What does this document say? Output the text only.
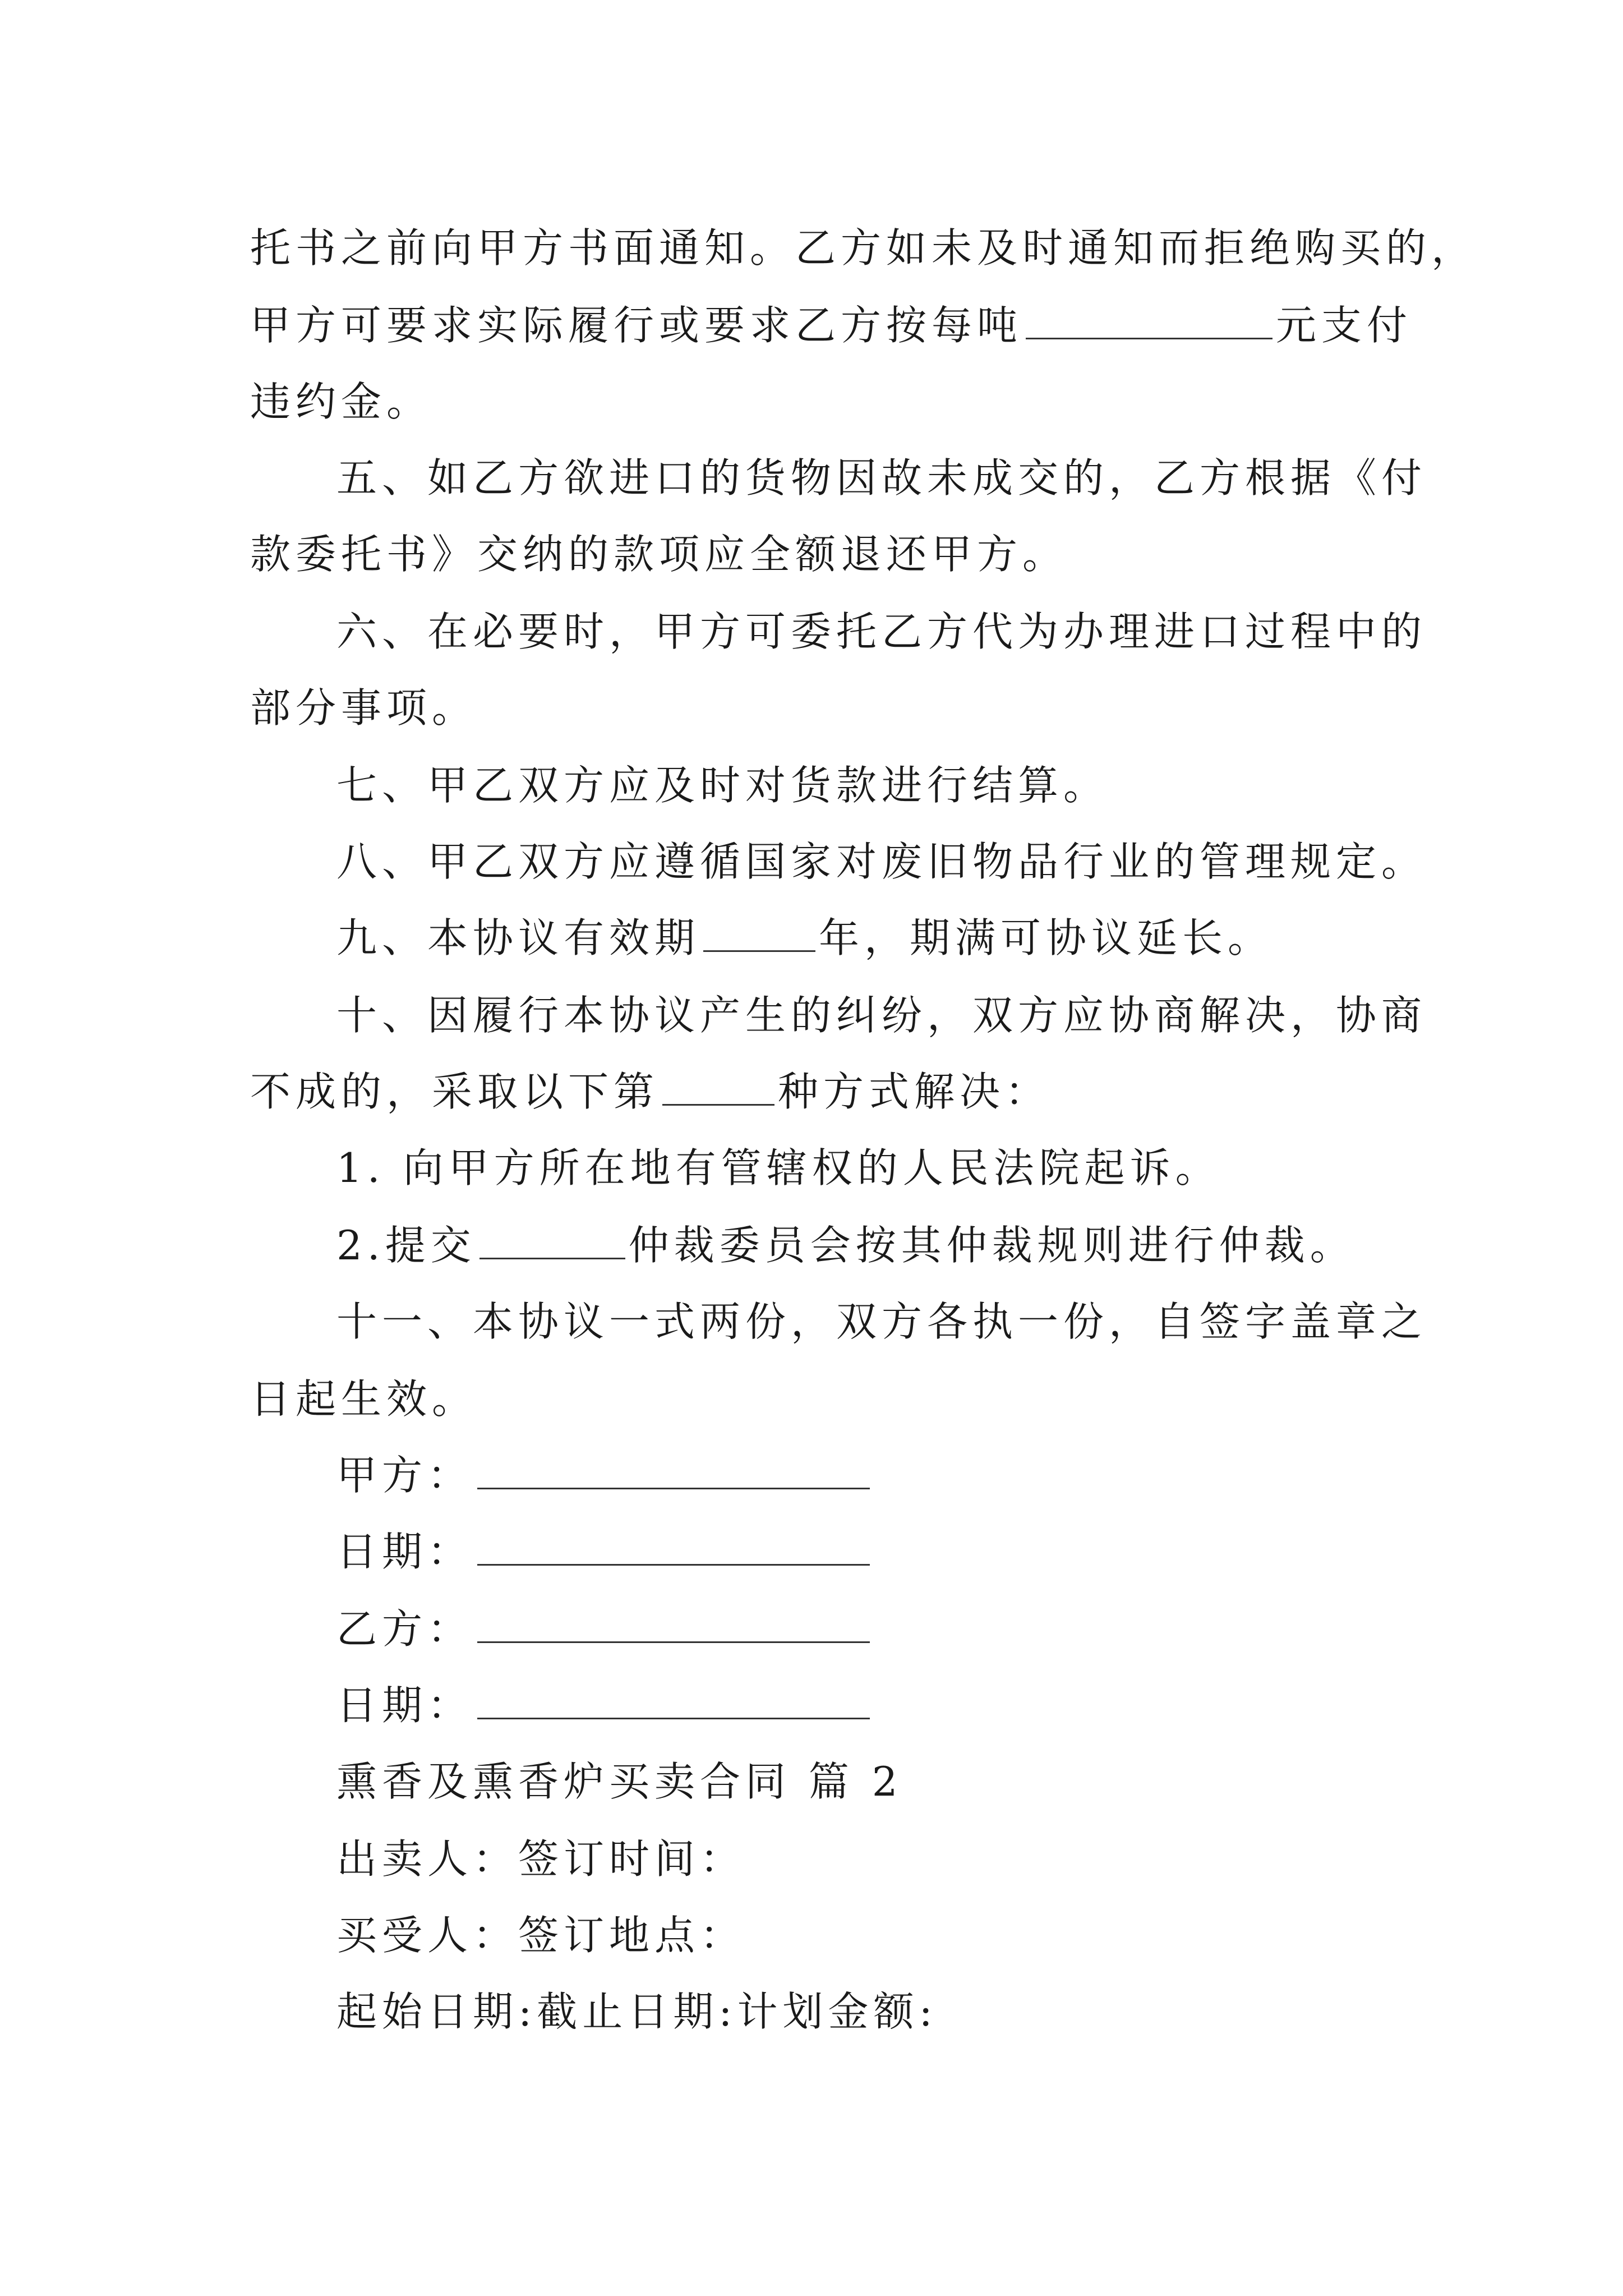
托书之前向甲方书面通知。乙方如未及时通知而拒绝购买的，
甲方可要求实际履行或要求乙方按每吨	元支付
违约金。
五、如乙方欲进口的货物因故未成交的，乙方根据《付
款委托书》交纳的款项应全额退还甲方。
六、在必要时，甲方可委托乙方代为办理进口过程中的
部分事项。
七、甲乙双方应及时对货款进行结算。
八、甲乙双方应遵循国家对废旧物品行业的管理规定。
九、本协议有效期	年，期满可协议延长。
十、因履行本协议产生的纠纷，双方应协商解决，协商
不成的，采取以下第	种方式解决：
1. 向甲方所在地有管辖权的人民法院起诉。
2.提交	仲裁委员会按其仲裁规则进行仲裁。
十一、本协议一式两份，双方各执一份，自签字盖章之
日起生效。
甲方：
日期：
乙方：
日期：
熏香及熏香炉买卖合同 篇 2
出卖人：签订时间：
买受人：签订地点：
起始日期:截止日期:计划金额:
